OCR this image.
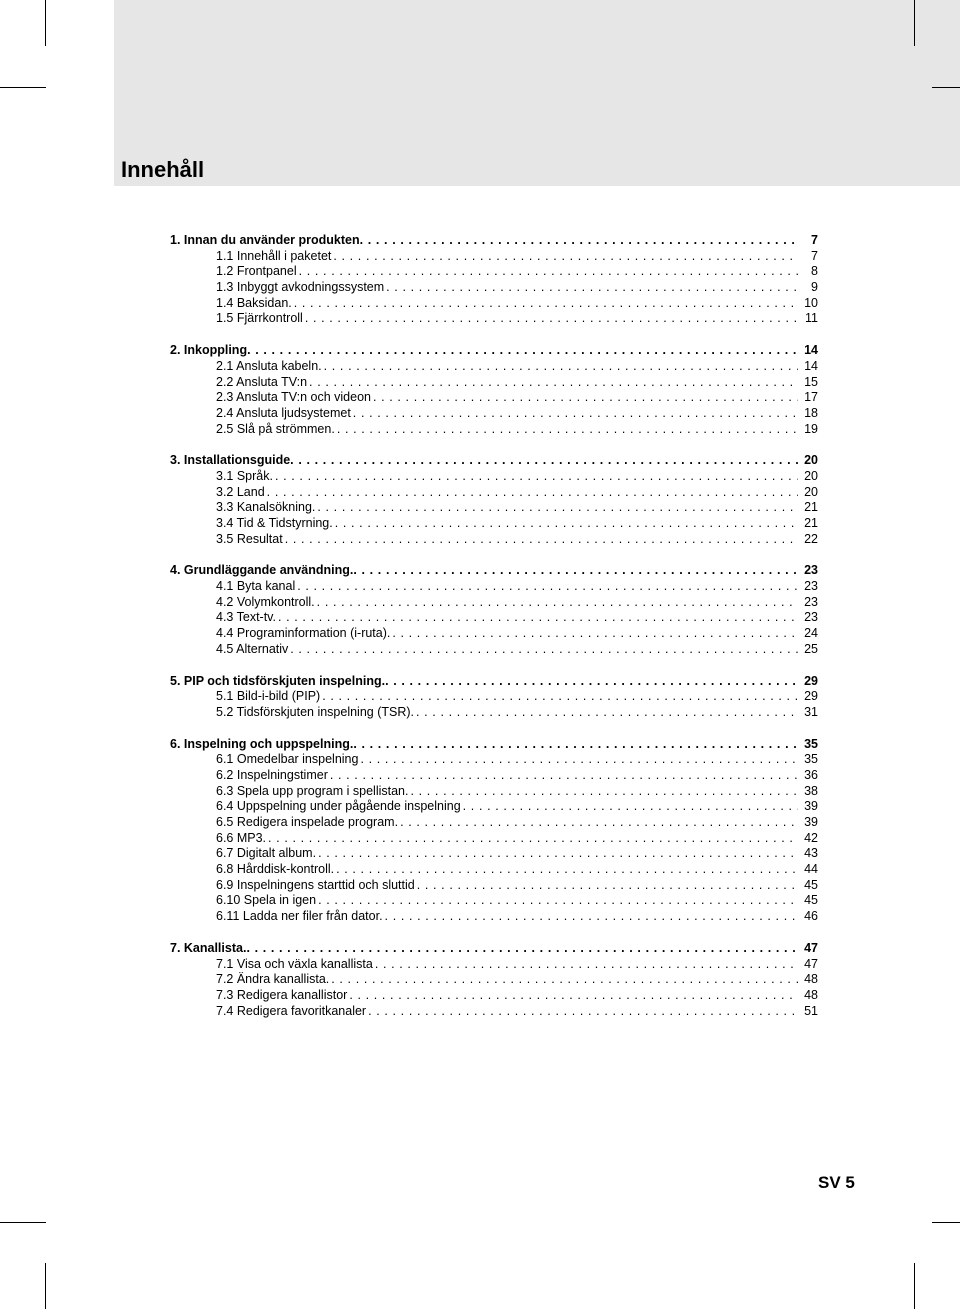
Innehåll
1. Innan du använder produkten . . .	7
1.1 Innehåll i paketet . . .	7
1.2 Frontpanel . . .	8
1.3 Inbyggt avkodningssystem . . .	9
1.4 Baksidan. . . .	10
1.5 Fjärrkontroll . . .	11
2. Inkoppling . . .	14
2.1 Ansluta kabeln. . . .	14
2.2 Ansluta TV:n . . .	15
2.3 Ansluta TV:n och videon . . .	17
2.4 Ansluta ljudsystemet . . .	18
2.5 Slå på strömmen. . . .	19
3. Installationsguide . . .	20
3.1 Språk. . . .	20
3.2 Land . . .	20
3.3 Kanalsökning. . . .	21
3.4 Tid & Tidstyrning. . . .	21
3.5 Resultat . . .	22
4. Grundläggande användning. . . .	23
4.1 Byta kanal . . .	23
4.2 Volymkontroll. . . .	23
4.3 Text-tv. . . .	23
4.4 Programinformation (i-ruta). . . .	24
4.5 Alternativ . . .	25
5. PIP och tidsförskjuten inspelning. . . .	29
5.1 Bild-i-bild (PIP) . . .	29
5.2 Tidsförskjuten inspelning (TSR). . . .	31
6. Inspelning och uppspelning. . . .	35
6.1 Omedelbar inspelning . . .	35
6.2 Inspelningstimer . . .	36
6.3 Spela upp program i spellistan. . . .	38
6.4 Uppspelning under pågående inspelning . . .	39
6.5 Redigera inspelade program. . . .	39
6.6 MP3. . . .	42
6.7 Digitalt album. . . .	43
6.8 Hårddisk-kontroll. . . .	44
6.9 Inspelningens starttid och sluttid . . .	45
6.10 Spela in igen . . .	45
6.11 Ladda ner filer från dator. . . .	46
7. Kanallista. . . .	47
7.1 Visa och växla kanallista . . .	47
7.2 Ändra kanallista. . . .	48
7.3 Redigera kanallistor . . .	48
7.4 Redigera favoritkanaler . . .	51
SV 5
